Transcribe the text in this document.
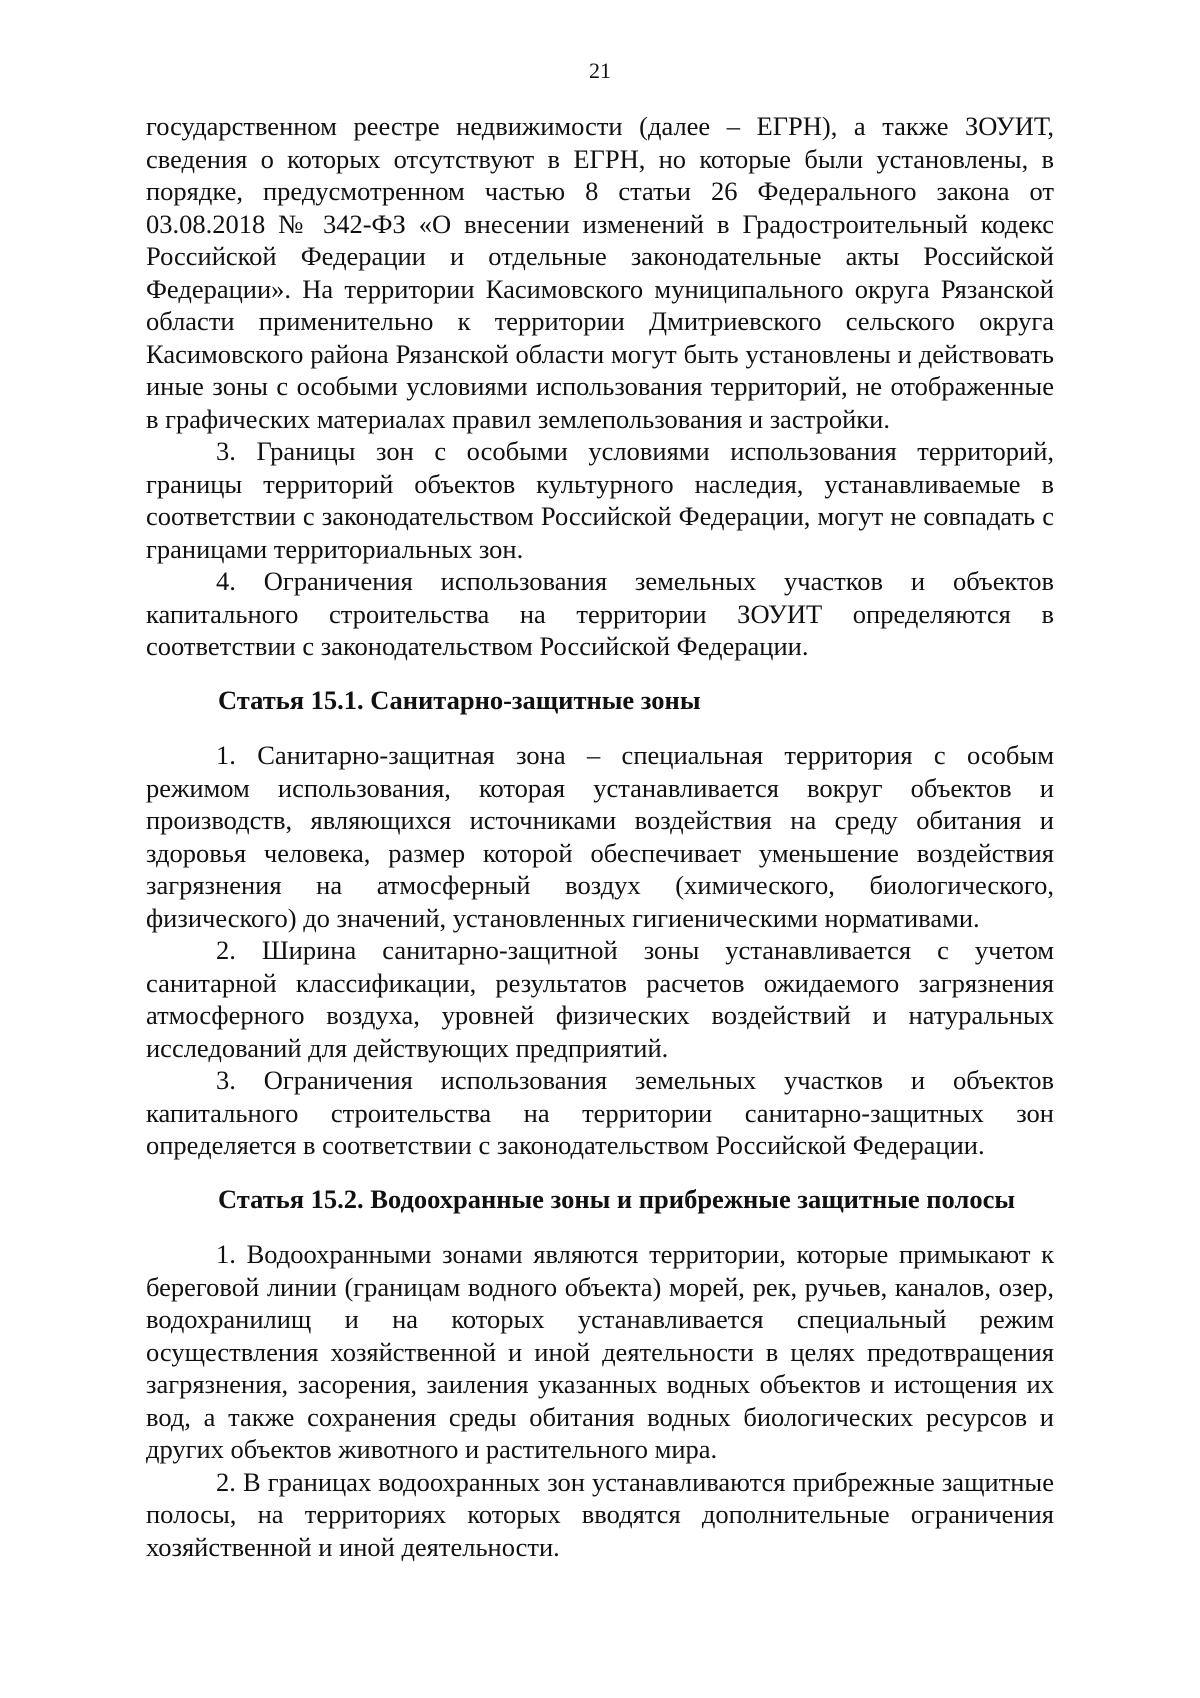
21

государственном реестре недвижимости (далее – ЕГРН), а также ЗОУИТ, сведения о которых отсутствуют в ЕГРН, но которые были установлены, в порядке, предусмотренном частью 8 статьи 26 Федерального закона от 03.08.2018 № 342-ФЗ «О внесении изменений в Градостроительный кодекс Российской Федерации и отдельные законодательные акты Российской Федерации». На территории Касимовского муниципального округа Рязанской области применительно к территории Дмитриевского сельского округа Касимовского района Рязанской области могут быть установлены и действовать иные зоны с особыми условиями использования территорий, не отображенные в графических материалах правил землепользования и застройки.

3. Границы зон с особыми условиями использования территорий, границы территорий объектов культурного наследия, устанавливаемые в соответствии с законодательством Российской Федерации, могут не совпадать с границами территориальных зон.

4. Ограничения использования земельных участков и объектов капитального строительства на территории ЗОУИТ определяются в соответствии с законодательством Российской Федерации.

Статья 15.1. Санитарно-защитные зоны

1. Санитарно-защитная зона – специальная территория с особым режимом использования, которая устанавливается вокруг объектов и производств, являющихся источниками воздействия на среду обитания и здоровья человека, размер которой обеспечивает уменьшение воздействия загрязнения на атмосферный воздух (химического, биологического, физического) до значений, установленных гигиеническими нормативами.

2. Ширина санитарно-защитной зоны устанавливается с учетом санитарной классификации, результатов расчетов ожидаемого загрязнения атмосферного воздуха, уровней физических воздействий и натуральных исследований для действующих предприятий.

3. Ограничения использования земельных участков и объектов капитального строительства на территории санитарно-защитных зон определяется в соответствии с законодательством Российской Федерации.

Статья 15.2. Водоохранные зоны и прибрежные защитные полосы

1. Водоохранными зонами являются территории, которые примыкают к береговой линии (границам водного объекта) морей, рек, ручьев, каналов, озер, водохранилищ и на которых устанавливается специальный режим осуществления хозяйственной и иной деятельности в целях предотвращения загрязнения, засорения, заиления указанных водных объектов и истощения их вод, а также сохранения среды обитания водных биологических ресурсов и других объектов животного и растительного мира.

2. В границах водоохранных зон устанавливаются прибрежные защитные полосы, на территориях которых вводятся дополнительные ограничения хозяйственной и иной деятельности.
